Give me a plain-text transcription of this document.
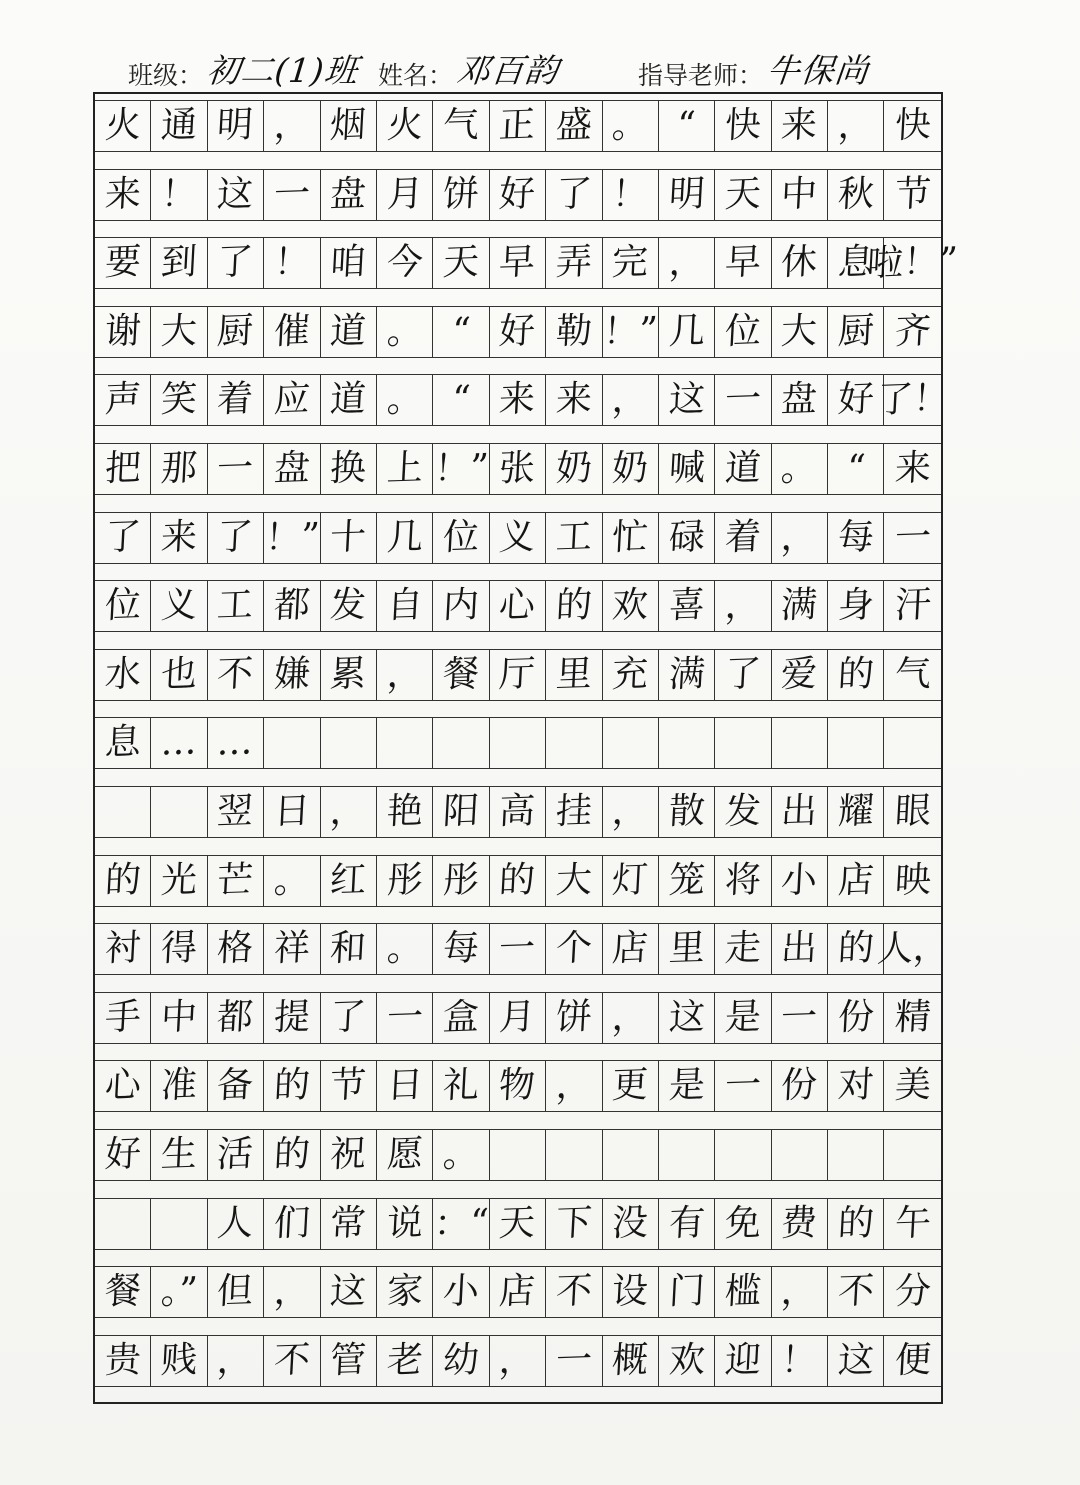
班级： 初二(1)班 姓名： 邓百韵	指导老师： 牛保尚
火 通 明 ， 烟 火 气 正 盛 。 “ 快 来 ， 快
来 ！ 这 一 盘 月 饼 好 了 ！ 明 天 中 秋 节
要 到 了 ！ 咱 今 天 早 弄 完 ， 早 休 息
啦！”
谢 大 厨 催 道 。 “ 好 勒 ！” 几 位 大 厨 齐
声 笑 着 应 道 。 “ 来 来 ， 这 一 盘 好 了！
把 那 一 盘 换 上 ！” 张 奶 奶 喊 道 。 “ 来
了 来 了 ！” 十 几 位 义 工 忙 碌 着 ， 每 一
位 义 工 都 发 自 内 心 的 欢 喜 ， 满 身 汗
水 也 不 嫌 累 ， 餐 厅 里 充 满 了 爱 的 气
息 … …
翌 日 ， 艳 阳 高 挂 ， 散 发 出 耀 眼
的 光 芒 。 红 彤 彤 的 大 灯 笼 将 小 店 映
衬 得 格 祥 和 。 每 一 个 店 里 走 出 的 人，
手 中 都 提 了 一 盒 月 饼 ， 这 是 一 份 精
心 准 备 的 节 日 礼 物 ， 更 是 一 份 对 美
好 生 活 的 祝 愿 。
人 们 常 说 ：“ 天 下 没 有 免 费 的 午
餐 。” 但 ， 这 家 小 店 不 设 门 槛 ， 不 分
贵 贱 ， 不 管 老 幼 ， 一 概 欢 迎 ！ 这 便
